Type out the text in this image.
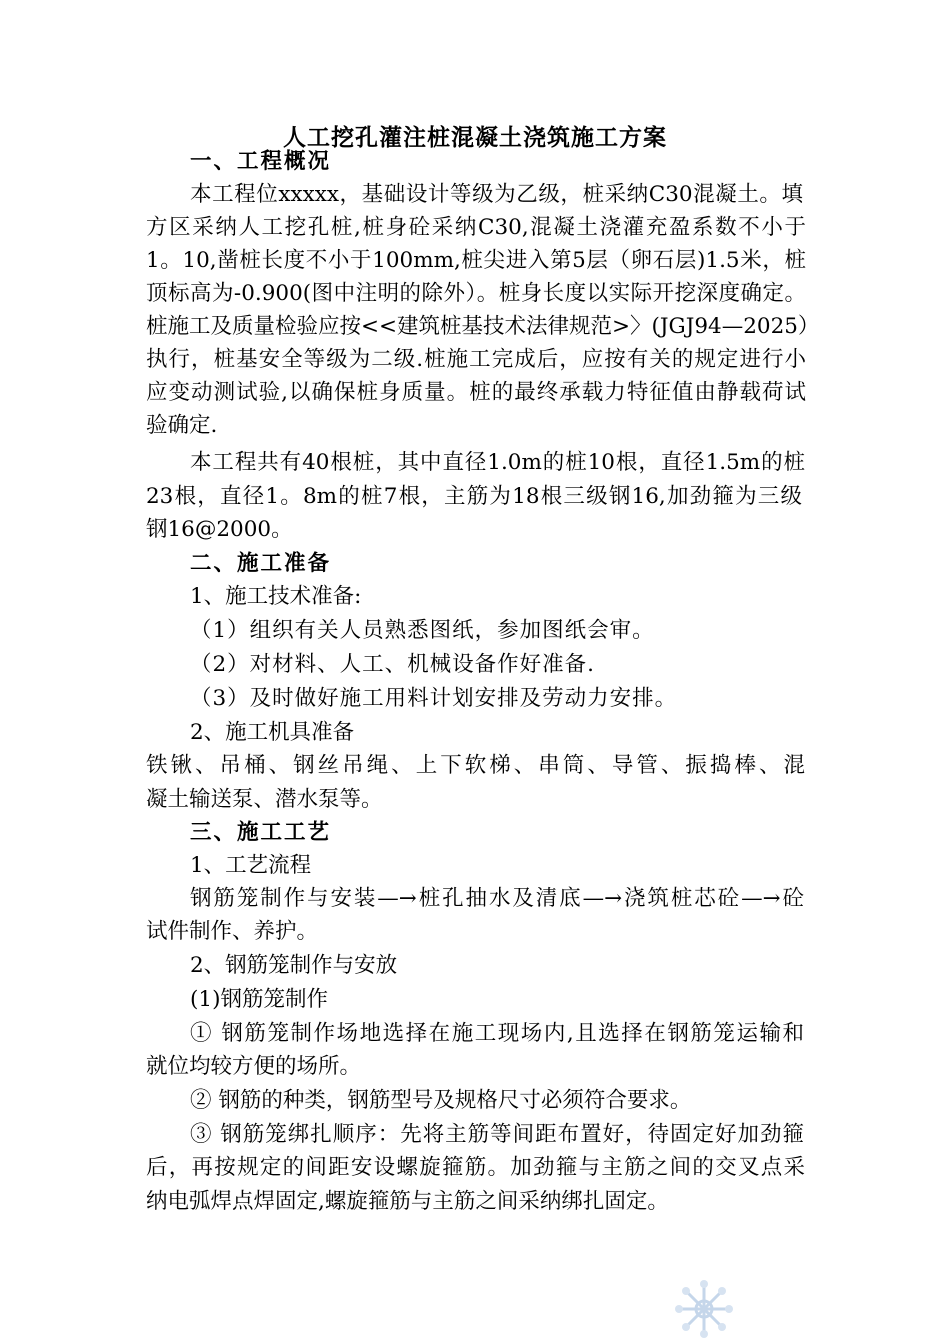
人工挖孔灌注桩混凝土浇筑施工方案
一、工程概况
本工程位xxxxx，基础设计等级为乙级，桩采纳C30混凝土。填
方区采纳人工挖孔桩,桩身砼采纳C30,混凝土浇灌充盈系数不小于
1。10,凿桩长度不小于100mm,桩尖进入第5层（卵石层)1.5米，桩
顶标高为-0.900(图中注明的除外）。桩身长度以实际开挖深度确定。
桩施工及质量检验应按<<建筑桩基技术法律规范>〉(JGJ94—2025）
执行，桩基安全等级为二级.桩施工完成后，应按有关的规定进行小
应变动测试验,以确保桩身质量。桩的最终承载力特征值由静载荷试
验确定.
本工程共有40根桩，其中直径1.0m的桩10根，直径1.5m的桩
23根，直径1。8m的桩7根，主筋为18根三级钢16,加劲箍为三级
钢16@2000。
二、施工准备
1、施工技术准备:
（1）组织有关人员熟悉图纸，参加图纸会审。
（2）对材料、人工、机械设备作好准备.
（3）及时做好施工用料计划安排及劳动力安排。
2、施工机具准备
铁锹、吊桶、钢丝吊绳、上下软梯、串筒、导管、振捣棒、混
凝土输送泵、潜水泵等。
三、施工工艺
1、工艺流程
钢筋笼制作与安装—→桩孔抽水及清底—→浇筑桩芯砼—→砼
试件制作、养护。
2、钢筋笼制作与安放
(1)钢筋笼制作
① 钢筋笼制作场地选择在施工现场内,且选择在钢筋笼运输和
就位均较方便的场所。
② 钢筋的种类，钢筋型号及规格尺寸必须符合要求。
③ 钢筋笼绑扎顺序：先将主筋等间距布置好，待固定好加劲箍
后，再按规定的间距安设螺旋箍筋。加劲箍与主筋之间的交叉点采
纳电弧焊点焊固定,螺旋箍筋与主筋之间采纳绑扎固定。
